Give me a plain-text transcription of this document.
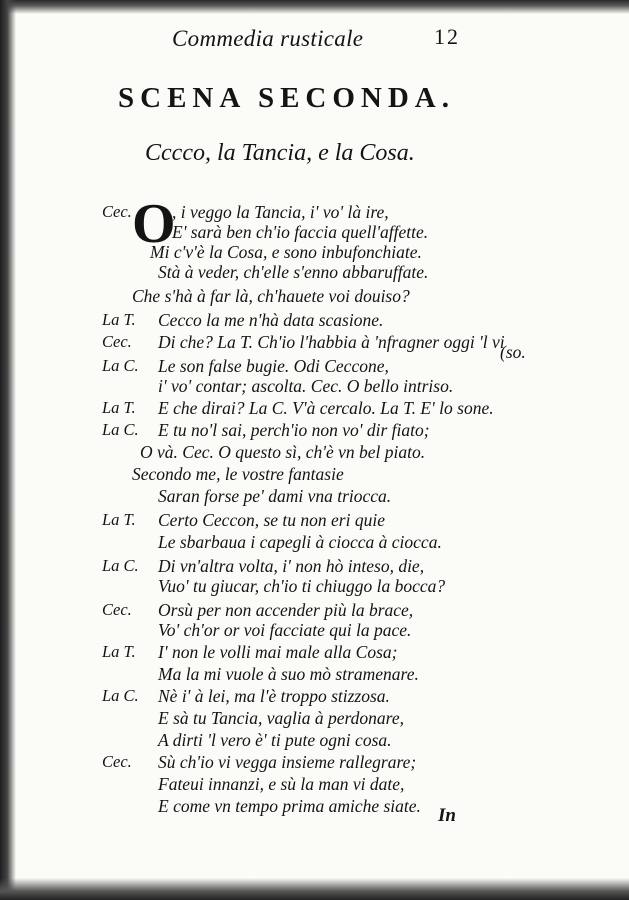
Commedia rusticale	12
SCENA SECONDA.
Ccccο, la Tancia, e la Cosa.
O
Cec. , i veggo la Tancia, i' vo' là ire,
E' sarà ben ch'io faccia quell'affette.
Mi c'v'è la Cosa, e sono inbufonchiate.
Stà à veder, ch'elle s'enno abbaruffate.
Che s'hà à far là, ch'hauete voi douiso?
La T. Cecco la me n'hà data scasione.
Cec. Di che? La T. Ch'io l'habbia à 'nfragner oggi 'l vi
La C. Le son false bugie. Odi Ceccone,
i' vo' contar; ascolta. Cec. O bello intriso.
La T. E che dirai? La C. V'à cercalo. La T. E' lo sone.
La C. E tu no'l sai, perch'io non vo' dir fiato;
O và. Cec. O questo sì, ch'è vn bel piato.
Secondo me, le vostre fantasie
Saran forse pe' dami vna triocca.
La T. Certo Ceccon, se tu non eri quie
Le sbarbaua i capegli à ciocca à ciocca.
La C. Di vn'altra volta, i' non hò inteso, die,
Vuo' tu giucar, ch'io ti chiuggo la bocca?
Cec. Orsù per non accender più la brace,
Vo' ch'or or voi facciate qui la pace.
La T. I' non le volli mai male alla Cosa;
Ma la mi vuole à suo mò stramenare.
La C. Nè i' à lei, ma l'è troppo stizzosa.
E sà tu Tancia, vaglia à perdonare,
A dirti 'l vero è' ti pute ogni cosa.
Cec. Sù ch'io vi vegga insieme rallegrare;
Fateui innanzi, e sù la man vi date,
E come vn tempo prima amiche siate.
(so.
In
